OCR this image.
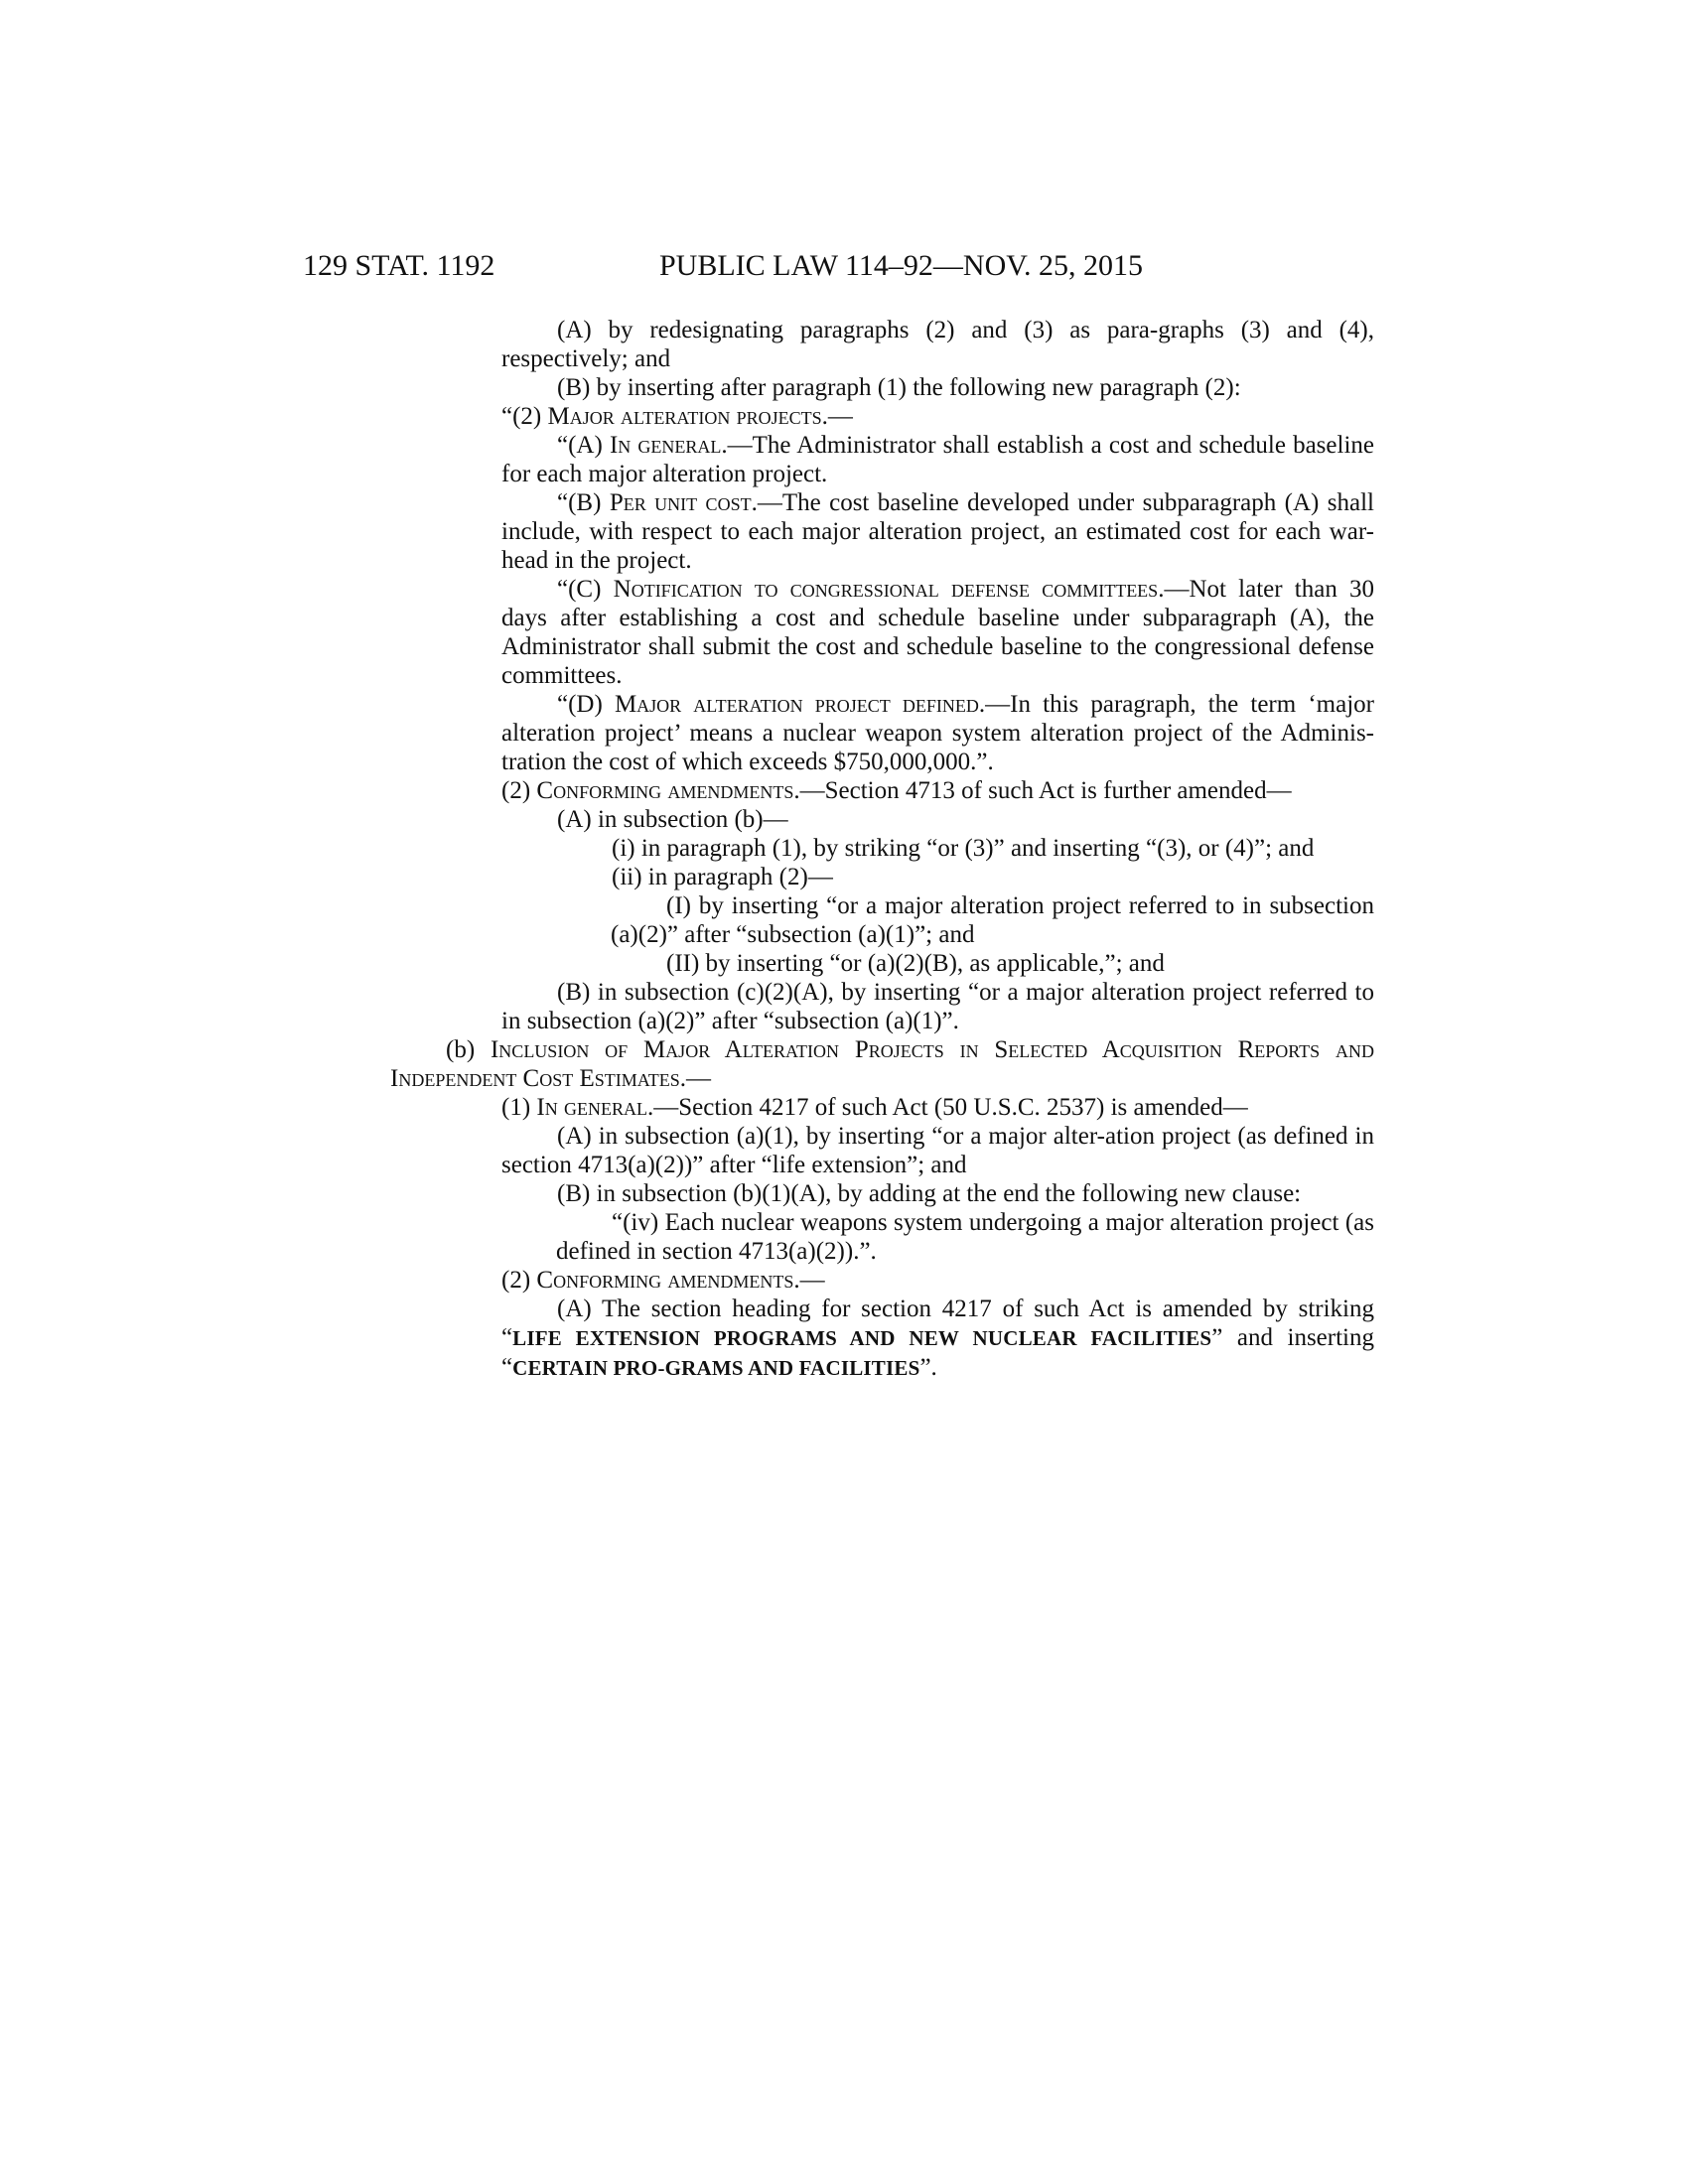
129 STAT. 1192	PUBLIC LAW 114–92—NOV. 25, 2015

(A) by redesignating paragraphs (2) and (3) as para-graphs (3) and (4), respectively; and

(B) by inserting after paragraph (1) the following new paragraph (2):

“(2) Major alteration projects.—

“(A) In general.—The Administrator shall establish a cost and schedule baseline for each major alteration project.

“(B) Per unit cost.—The cost baseline developed under subparagraph (A) shall include, with respect to each major alteration project, an estimated cost for each war-head in the project.

“(C) Notification to congressional defense committees.—Not later than 30 days after establishing a cost and schedule baseline under subparagraph (A), the Administrator shall submit the cost and schedule baseline to the congressional defense committees.

“(D) Major alteration project defined.—In this paragraph, the term ‘major alteration project’ means a nuclear weapon system alteration project of the Adminis-tration the cost of which exceeds $750,000,000.”.

(2) Conforming amendments.—Section 4713 of such Act is further amended—

(A) in subsection (b)—

(i) in paragraph (1), by striking “or (3)” and inserting “(3), or (4)”; and

(ii) in paragraph (2)—

(I) by inserting “or a major alteration project referred to in subsection (a)(2)” after “subsection (a)(1)”; and

(II) by inserting “or (a)(2)(B), as applicable,”; and

(B) in subsection (c)(2)(A), by inserting “or a major alteration project referred to in subsection (a)(2)” after “subsection (a)(1)”.

(b) Inclusion of Major Alteration Projects in Selected Acquisition Reports and Independent Cost Estimates.—

(1) In general.—Section 4217 of such Act (50 U.S.C. 2537) is amended—

(A) in subsection (a)(1), by inserting “or a major alter-ation project (as defined in section 4713(a)(2))” after “life extension”; and

(B) in subsection (b)(1)(A), by adding at the end the following new clause:

“(iv) Each nuclear weapons system undergoing a major alteration project (as defined in section 4713(a)(2)).”.

(2) Conforming amendments.—

(A) The section heading for section 4217 of such Act is amended by striking “LIFE EXTENSION PROGRAMS AND NEW NUCLEAR FACILITIES” and inserting “CERTAIN PRO-GRAMS AND FACILITIES”.
